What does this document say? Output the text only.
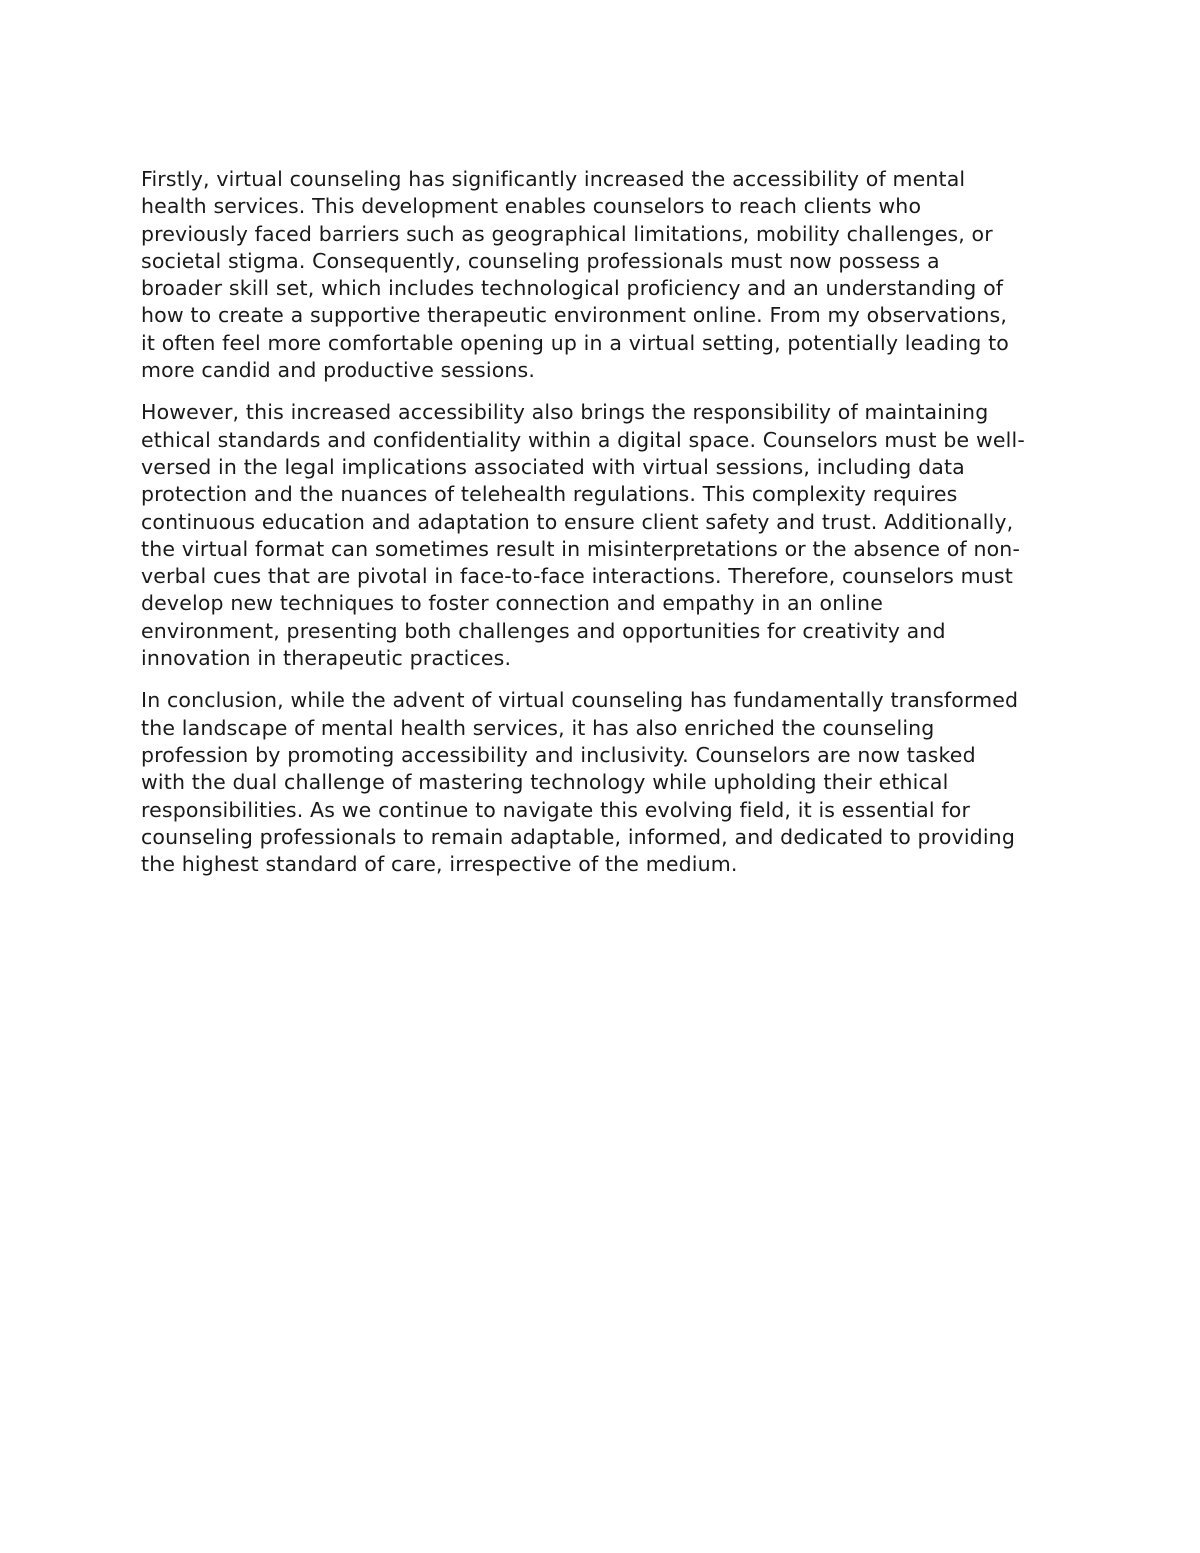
Firstly, virtual counseling has significantly increased the accessibility of mental
health services. This development enables counselors to reach clients who
previously faced barriers such as geographical limitations, mobility challenges, or
societal stigma. Consequently, counseling professionals must now possess a
broader skill set, which includes technological proficiency and an understanding of
how to create a supportive therapeutic environment online. From my observations,
it often feel more comfortable opening up in a virtual setting, potentially leading to
more candid and productive sessions.

However, this increased accessibility also brings the responsibility of maintaining
ethical standards and confidentiality within a digital space. Counselors must be well-
versed in the legal implications associated with virtual sessions, including data
protection and the nuances of telehealth regulations. This complexity requires
continuous education and adaptation to ensure client safety and trust. Additionally,
the virtual format can sometimes result in misinterpretations or the absence of non-
verbal cues that are pivotal in face-to-face interactions. Therefore, counselors must
develop new techniques to foster connection and empathy in an online
environment, presenting both challenges and opportunities for creativity and
innovation in therapeutic practices.

In conclusion, while the advent of virtual counseling has fundamentally transformed
the landscape of mental health services, it has also enriched the counseling
profession by promoting accessibility and inclusivity. Counselors are now tasked
with the dual challenge of mastering technology while upholding their ethical
responsibilities. As we continue to navigate this evolving field, it is essential for
counseling professionals to remain adaptable, informed, and dedicated to providing
the highest standard of care, irrespective of the medium.
